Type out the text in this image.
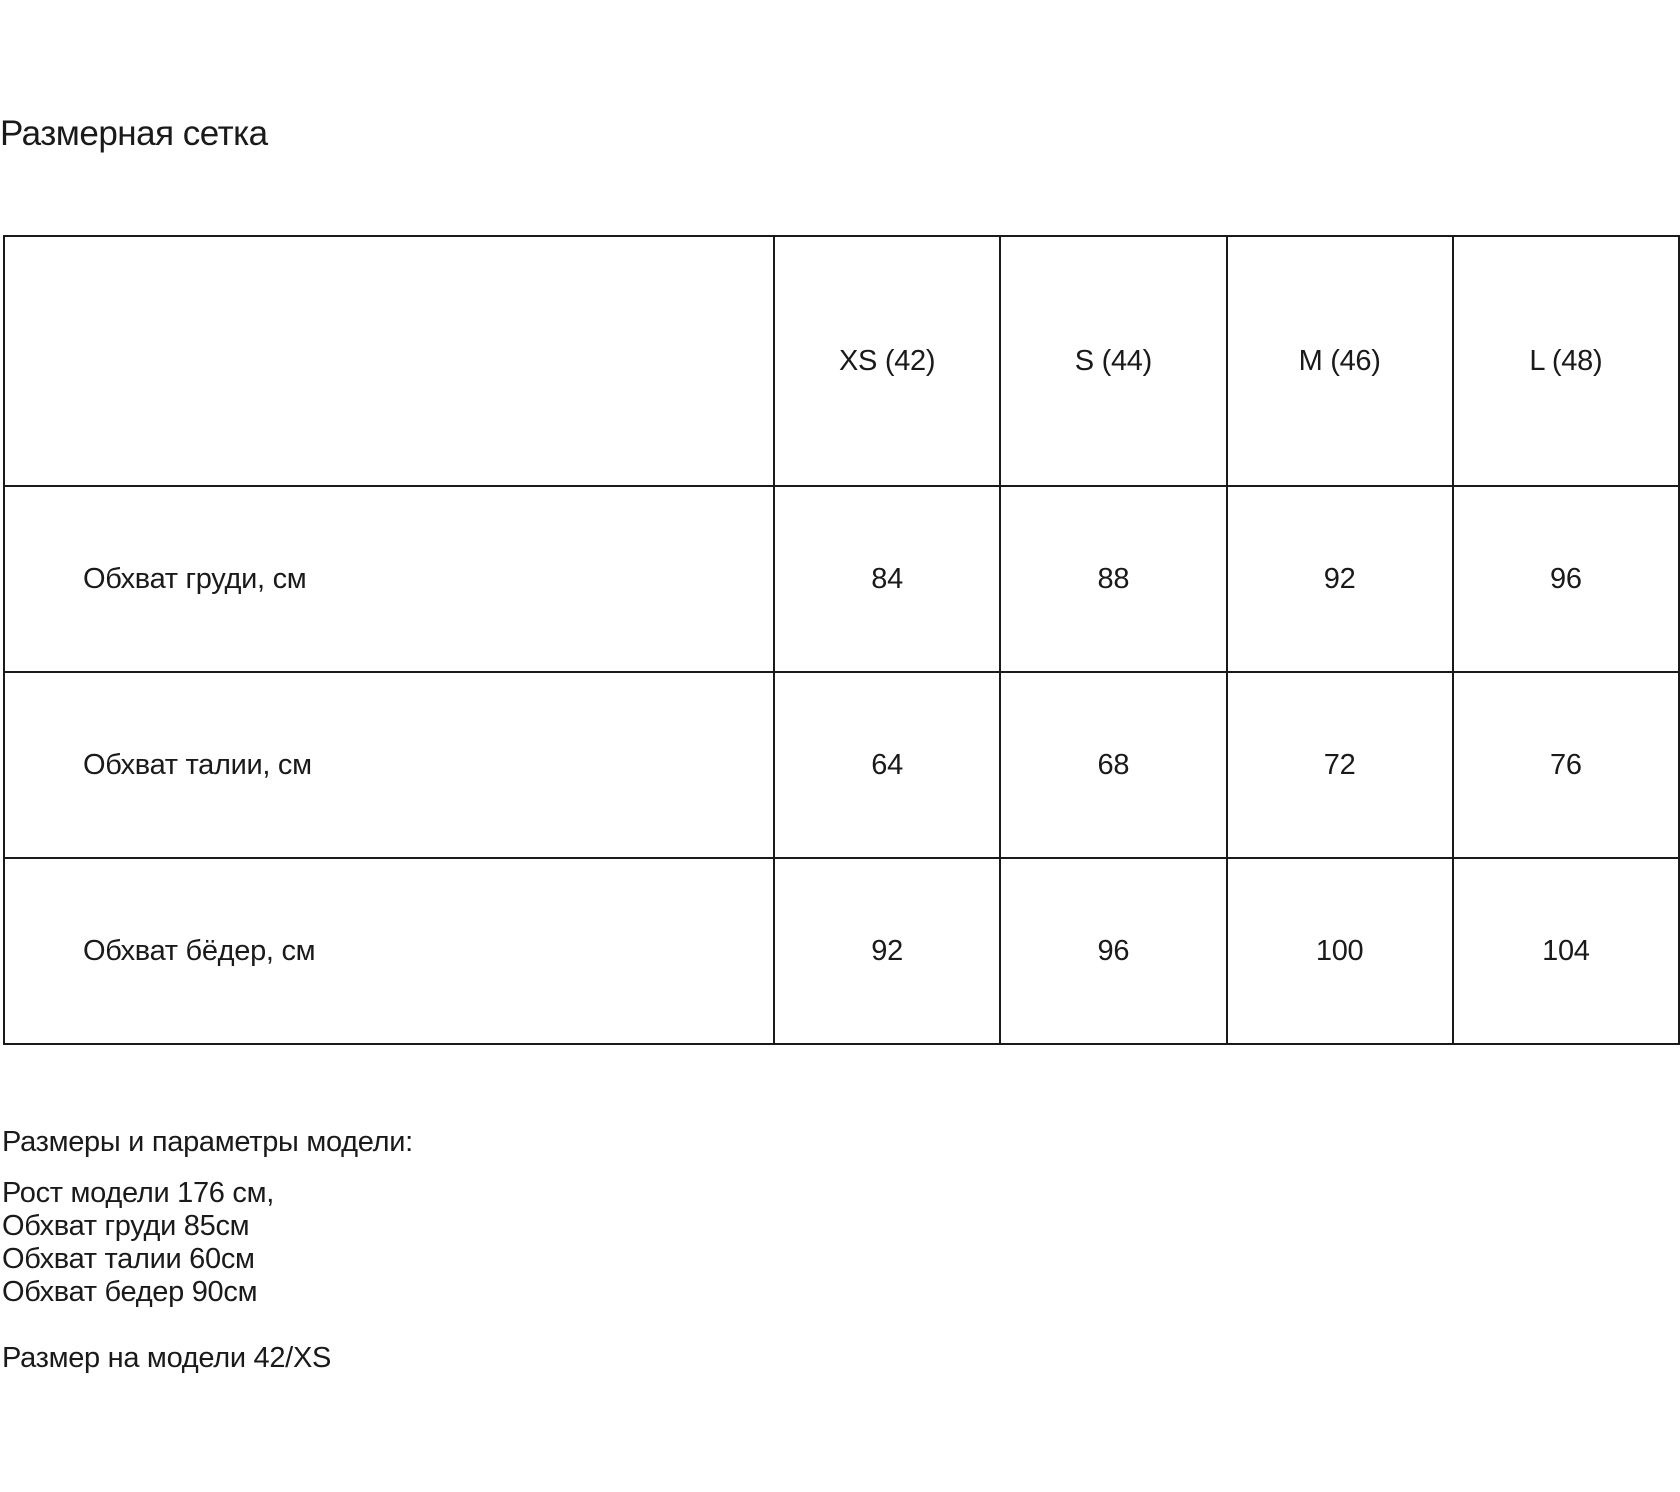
Размерная сетка
	XS (42)	S (44)	M (46)	L (48)
Обхват груди, см	84	88	92	96
Обхват талии, см	64	68	72	76
Обхват бёдер, см	92	96	100	104
Размеры и параметры модели:
Рост модели 176 см,
Обхват груди 85см
Обхват талии 60см
Обхват бедер 90см
Размер на модели 42/XS
